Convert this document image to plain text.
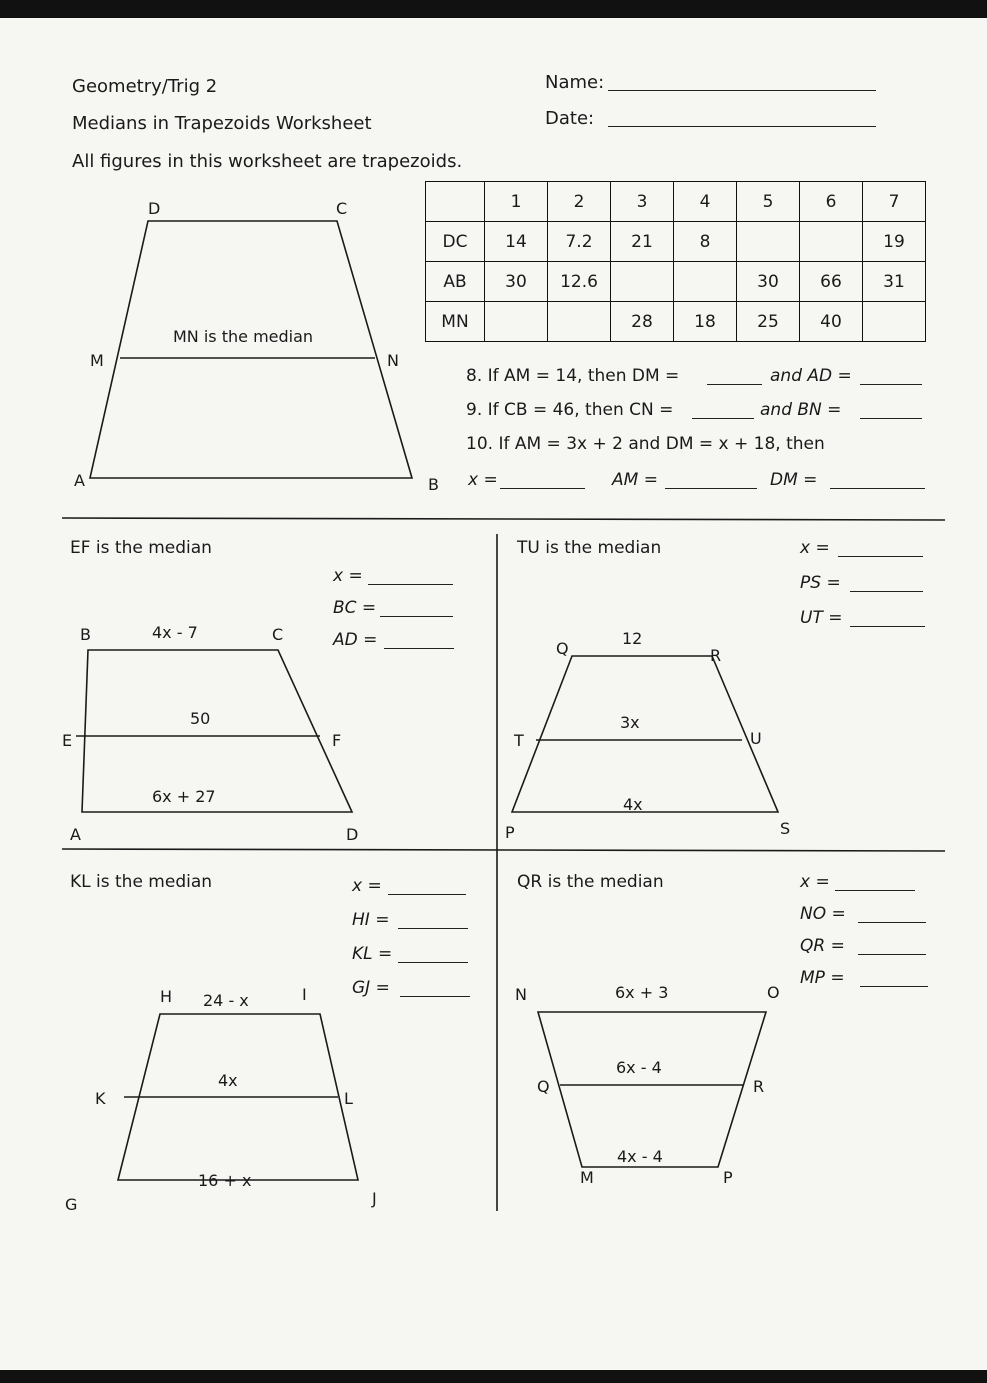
Geometry/Trig 2
Medians in Trapezoids Worksheet
All figures in this worksheet are trapezoids.
Name:
Date:
	1	2	3	4	5	6	7
DC	14	7.2	21	8			19
AB	30	12.6			30	66	31
MN			28	18	25	40	
8. If AM = 14, then DM =	and AD =
9. If CB = 46, then CN =	and BN =
10. If AM = 3x + 2 and DM = x + 18, then
x =	AM =	DM =
EF is the median
x =
BC =
AD =
TU is the median	x =
PS =
UT =
KL is the median	x =
HI =
KL =
GJ =
QR is the median	x =
NO =
QR =
MP =
D	C
M	N
A	B
MN is the median
B	C
E	F
A	D
4x - 7
50
6x + 27
Q	R
T	U
P	S
12
3x
4x
H	I
K	L
G	J
24 - x
4x
16 + x
N	O
Q	R
M	P
6x + 3
6x - 4
4x - 4
